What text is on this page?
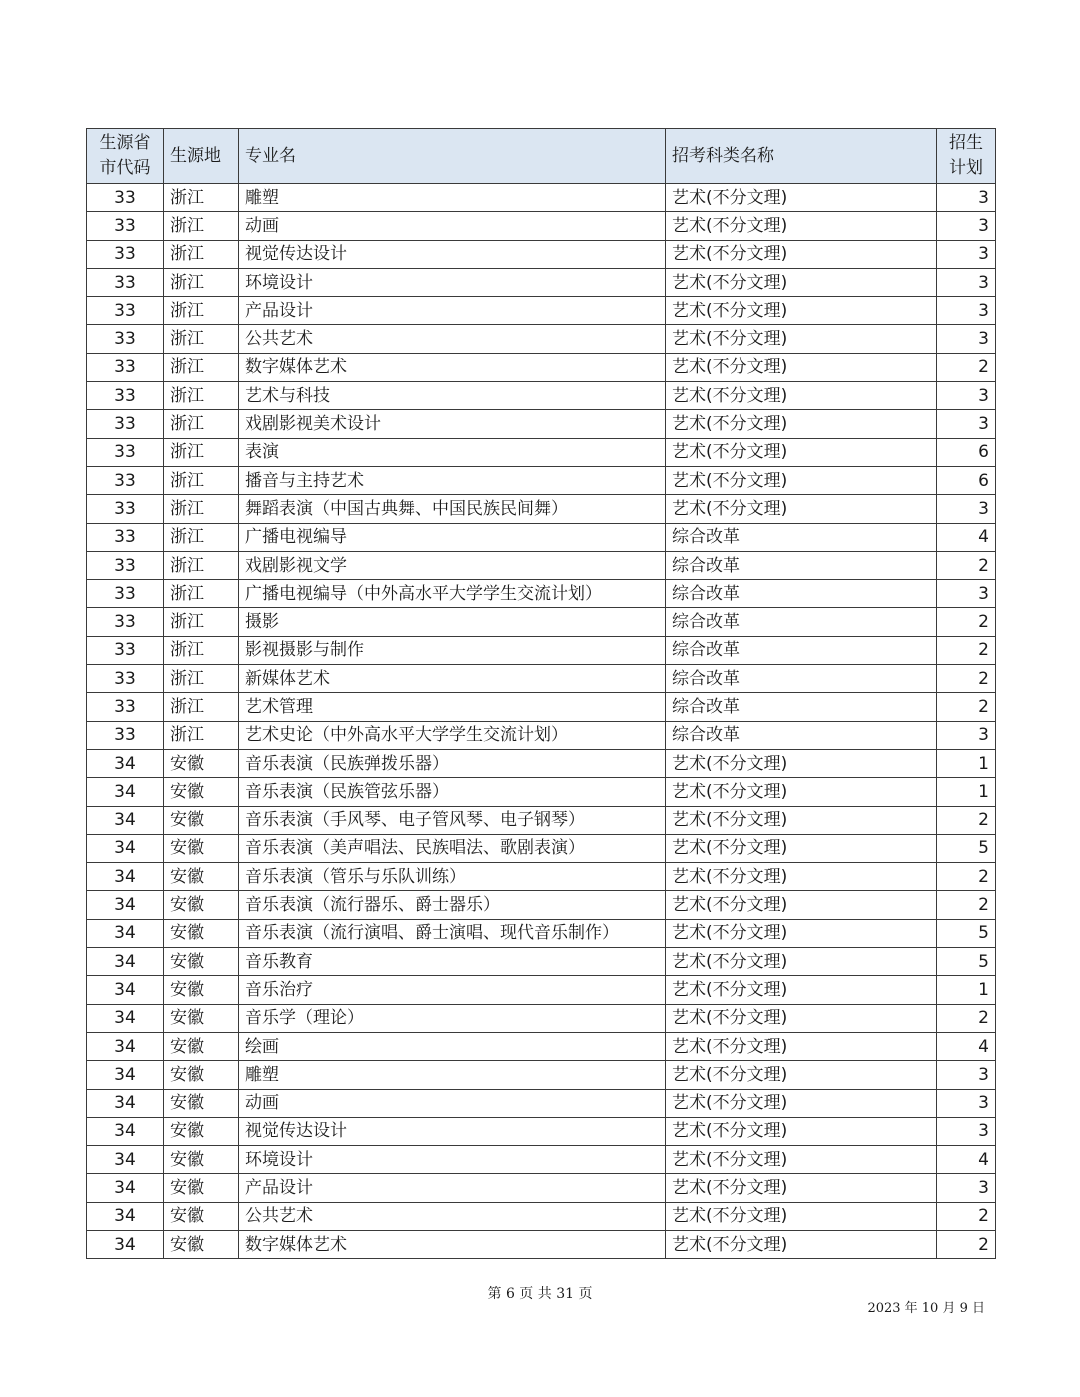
生源省市代码	生源地	专业名	招考科类名称	招生计划

33	浙江	雕塑	艺术(不分文理)	3
33	浙江	动画	艺术(不分文理)	3
33	浙江	视觉传达设计	艺术(不分文理)	3
33	浙江	环境设计	艺术(不分文理)	3
33	浙江	产品设计	艺术(不分文理)	3
33	浙江	公共艺术	艺术(不分文理)	3
33	浙江	数字媒体艺术	艺术(不分文理)	2
33	浙江	艺术与科技	艺术(不分文理)	3
33	浙江	戏剧影视美术设计	艺术(不分文理)	3
33	浙江	表演	艺术(不分文理)	6
33	浙江	播音与主持艺术	艺术(不分文理)	6
33	浙江	舞蹈表演（中国古典舞、中国民族民间舞）	艺术(不分文理)	3
33	浙江	广播电视编导	综合改革	4
33	浙江	戏剧影视文学	综合改革	2
33	浙江	广播电视编导（中外高水平大学学生交流计划）	综合改革	3
33	浙江	摄影	综合改革	2
33	浙江	影视摄影与制作	综合改革	2
33	浙江	新媒体艺术	综合改革	2
33	浙江	艺术管理	综合改革	2
33	浙江	艺术史论（中外高水平大学学生交流计划）	综合改革	3
34	安徽	音乐表演（民族弹拨乐器）	艺术(不分文理)	1
34	安徽	音乐表演（民族管弦乐器）	艺术(不分文理)	1
34	安徽	音乐表演（手风琴、电子管风琴、电子钢琴）	艺术(不分文理)	2
34	安徽	音乐表演（美声唱法、民族唱法、歌剧表演）	艺术(不分文理)	5
34	安徽	音乐表演（管乐与乐队训练）	艺术(不分文理)	2
34	安徽	音乐表演（流行器乐、爵士器乐）	艺术(不分文理)	2
34	安徽	音乐表演（流行演唱、爵士演唱、现代音乐制作）	艺术(不分文理)	5
34	安徽	音乐教育	艺术(不分文理)	5
34	安徽	音乐治疗	艺术(不分文理)	1
34	安徽	音乐学（理论）	艺术(不分文理)	2
34	安徽	绘画	艺术(不分文理)	4
34	安徽	雕塑	艺术(不分文理)	3
34	安徽	动画	艺术(不分文理)	3
34	安徽	视觉传达设计	艺术(不分文理)	3
34	安徽	环境设计	艺术(不分文理)	4
34	安徽	产品设计	艺术(不分文理)	3
34	安徽	公共艺术	艺术(不分文理)	2
34	安徽	数字媒体艺术	艺术(不分文理)	2
第 6 页 共 31 页
2023 年 10 月 9 日
